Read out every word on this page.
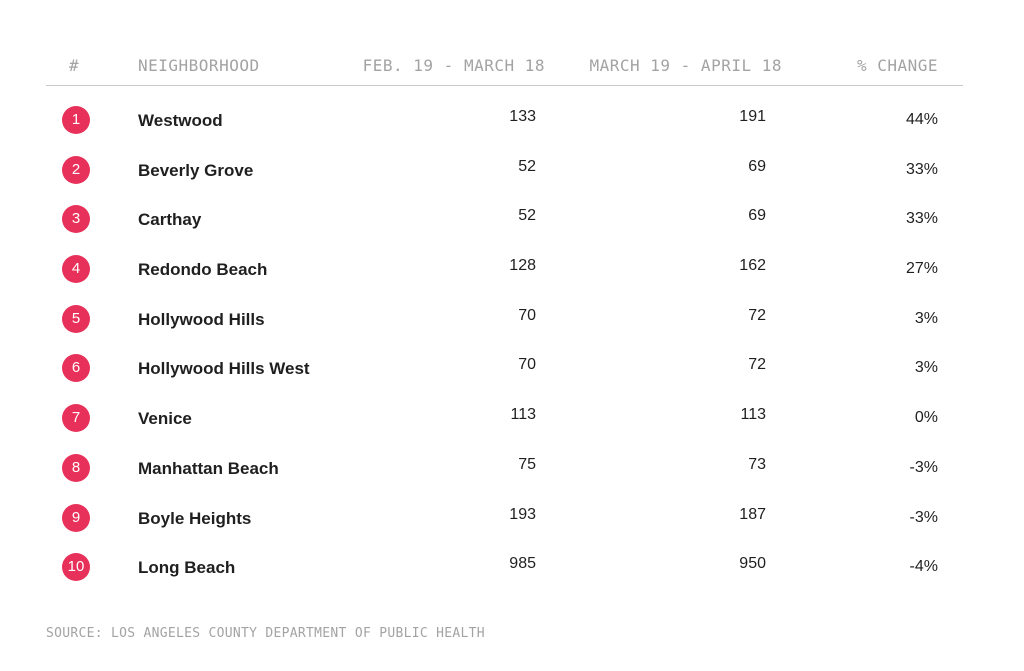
#	NEIGHBORHOOD	FEB. 19 - MARCH 18	MARCH 19 - APRIL 18	% CHANGE
1	Westwood	133	191	44%
2	Beverly Grove	52	69	33%
3	Carthay	52	69	33%
4	Redondo Beach	128	162	27%
5	Hollywood Hills	70	72	3%
6	Hollywood Hills West	70	72	3%
7	Venice	113	113	0%
8	Manhattan Beach	75	73	-3%
9	Boyle Heights	193	187	-3%
10	Long Beach	985	950	-4%
SOURCE: LOS ANGELES COUNTY DEPARTMENT OF PUBLIC HEALTH
